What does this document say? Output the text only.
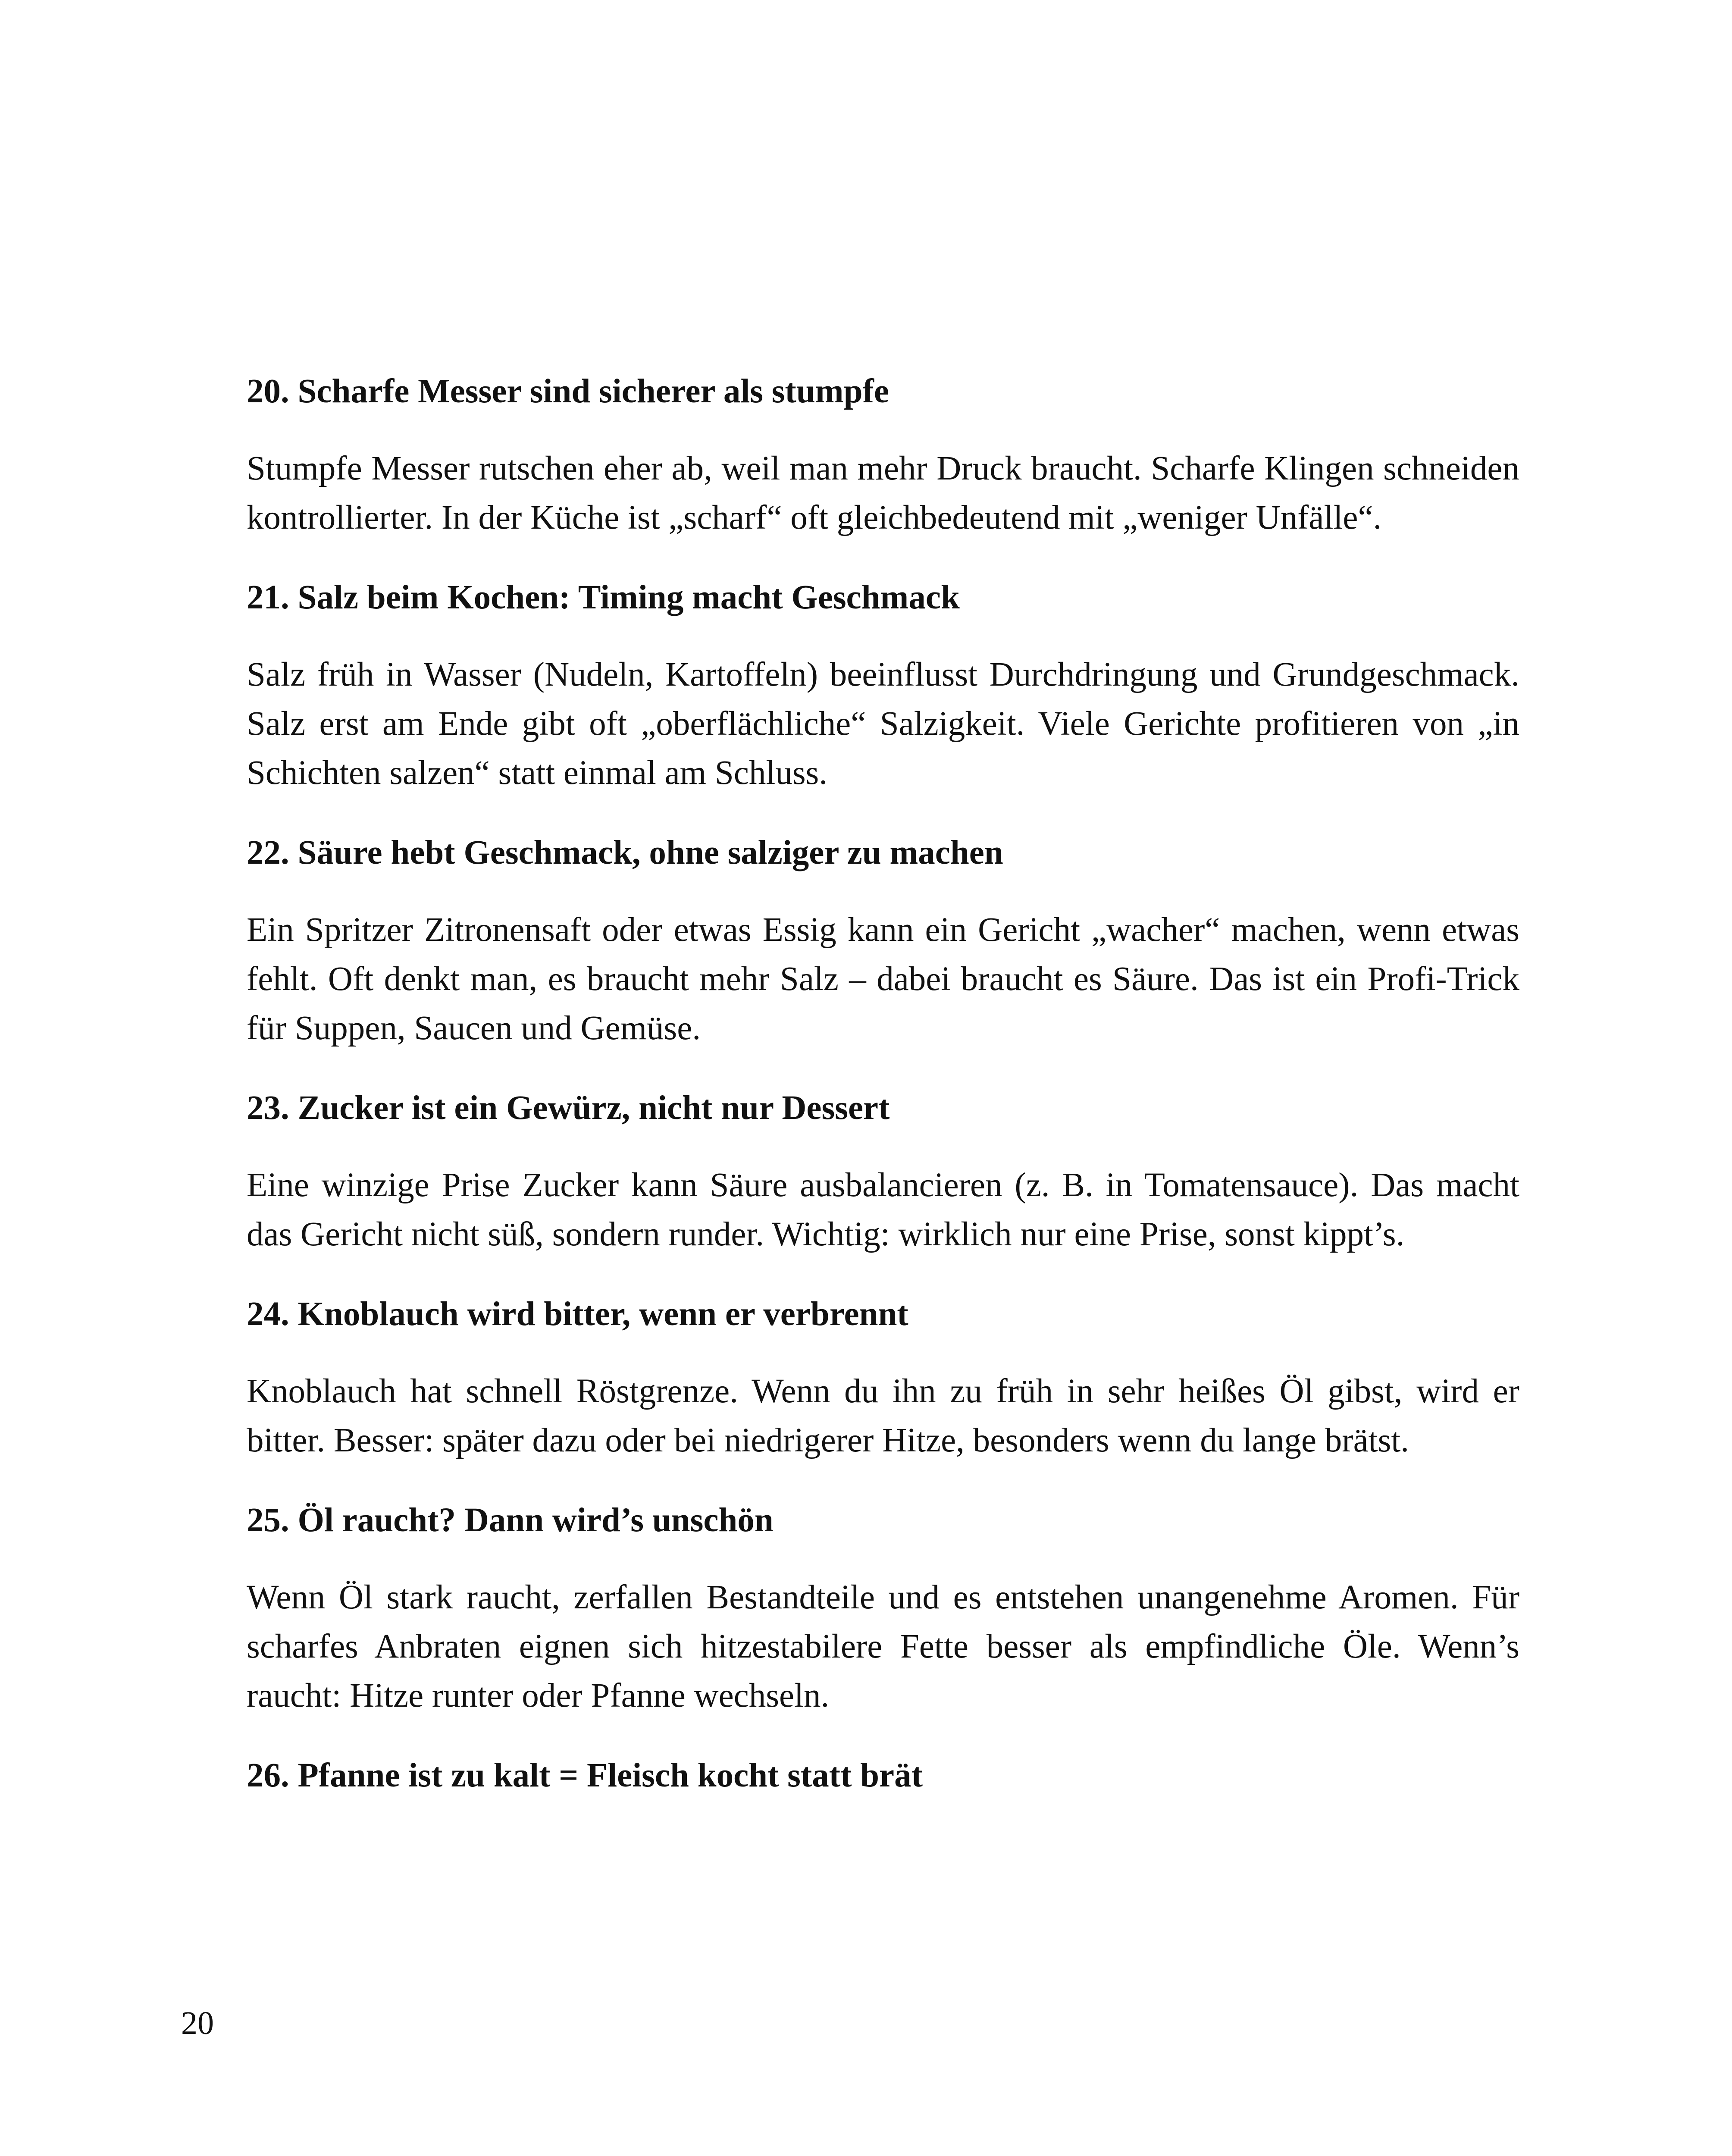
20. Scharfe Messer sind sicherer als stumpfe

Stumpfe Messer rutschen eher ab, weil man mehr Druck braucht. Scharfe Klingen schneiden kontrollierter. In der Küche ist „scharf“ oft gleichbedeutend mit „weniger Unfälle“.

21. Salz beim Kochen: Timing macht Geschmack

Salz früh in Wasser (Nudeln, Kartoffeln) beeinflusst Durchdringung und Grundgeschmack. Salz erst am Ende gibt oft „oberflächliche“ Salzigkeit. Viele Gerichte profitieren von „in Schichten salzen“ statt einmal am Schluss.

22. Säure hebt Geschmack, ohne salziger zu machen

Ein Spritzer Zitronensaft oder etwas Essig kann ein Gericht „wacher“ machen, wenn etwas fehlt. Oft denkt man, es braucht mehr Salz – dabei braucht es Säure. Das ist ein Profi-Trick für Suppen, Saucen und Gemüse.

23. Zucker ist ein Gewürz, nicht nur Dessert

Eine winzige Prise Zucker kann Säure ausbalancieren (z. B. in Tomatensauce). Das macht das Gericht nicht süß, sondern runder. Wichtig: wirklich nur eine Prise, sonst kippt’s.

24. Knoblauch wird bitter, wenn er verbrennt

Knoblauch hat schnell Röstgrenze. Wenn du ihn zu früh in sehr heißes Öl gibst, wird er bitter. Besser: später dazu oder bei niedrigerer Hitze, besonders wenn du lange brätst.

25. Öl raucht? Dann wird’s unschön

Wenn Öl stark raucht, zerfallen Bestandteile und es entstehen unangenehme Aromen. Für scharfes Anbraten eignen sich hitzestabilere Fette besser als empfindliche Öle. Wenn’s raucht: Hitze runter oder Pfanne wechseln.

26. Pfanne ist zu kalt = Fleisch kocht statt brät

20
